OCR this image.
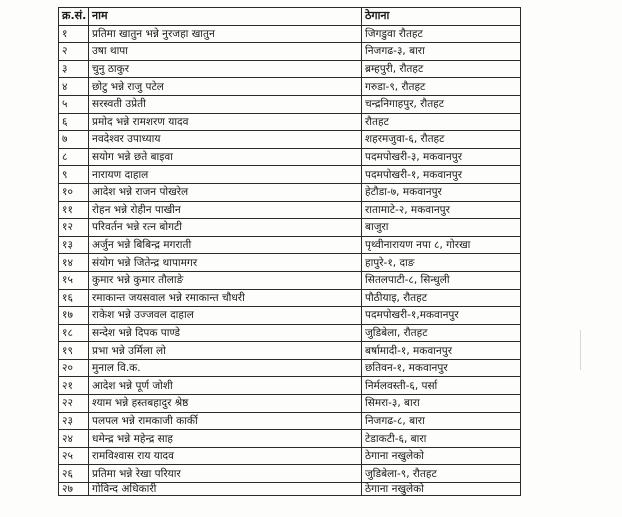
क्र.सं.	नाम	ठेगाना
१	प्रतिमा खातुन भन्ने नुरजहा खातुन	जिगडुवा रौतहट
२	उषा थापा	निजगढ-३, बारा
३	चुनु ठाकुर	ब्रम्हपुरी, रौतहट
४	छोटु भन्ने राजु पटेल	गरुडा-९, रौतहट
५	सरस्वती उप्रेती	चन्द्रनिगाहपुर, रौतहट
६	प्रमोद भन्ने रामशरण यादव	रौतहट
७	नवदेश्वर उपाध्याय	शहरमजुवा-६, रौतहट
८	सयोग भन्ने छते बाइवा	पदमपोखरी-३, मकवानपुर
९	नारायण दाहाल	पदमपोखरी-१, मकवानपुर
१०	आदेश भन्ने राजन पोखरेल	हेटौडा-७, मकवानपुर
११	रोहन भन्ने रोहीन पाखीन	रातामाटे-२, मकवानपुर
१२	परिवर्तन भन्ने रत्न बोगटी	बाजुरा
१३	अर्जुन भन्ने बिबिन्द्र मगराती	पृथ्वीनारायण नपा ८, गोरखा
१४	संयोग भन्ने जितेन्द्र थापामगर	हापुरे-१, दाङ
१५	कुमार भन्ने कुमार तौलाङे	सितलपाटी-८, सिन्धुली
१६	रमाकान्त जयसवाल भन्ने रमाकान्त चौधरी	पौठीयाइ, रौतहट
१७	राकेश भन्ने उज्जवल दाहाल	पदमपोखरी-१,मकवानपुर
१८	सन्देश भन्ने दिपक पाण्डे	जुडिबेला, रौतहट
१९	प्रभा भन्ने उर्मिला लो	बर्षामादी-१, मकवानपुर
२०	मुनाल वि.क.	छतिवन-१, मकवानपुर
२१	आदेश भन्ने पूर्ण जोशी	निर्मलवस्ती-६, पर्सा
२२	श्याम भन्ने हस्तबहादुर श्रेष्ठ	सिमरा-३, बारा
२३	पलपल भन्ने रामकाजी कार्की	निजगढ-८, बारा
२४	धमेन्द्र भन्ने महेन्द्र साह	टेडाकटी-६, बारा
२५	रामविश्वास राय यादव	ठेगाना नखुलेको
२६	प्रतिमा भन्ने रेखा परियार	जुडिबेला-९, रौतहट
२७	गोविन्द अधिकारी	ठेगाना नखुलेको
